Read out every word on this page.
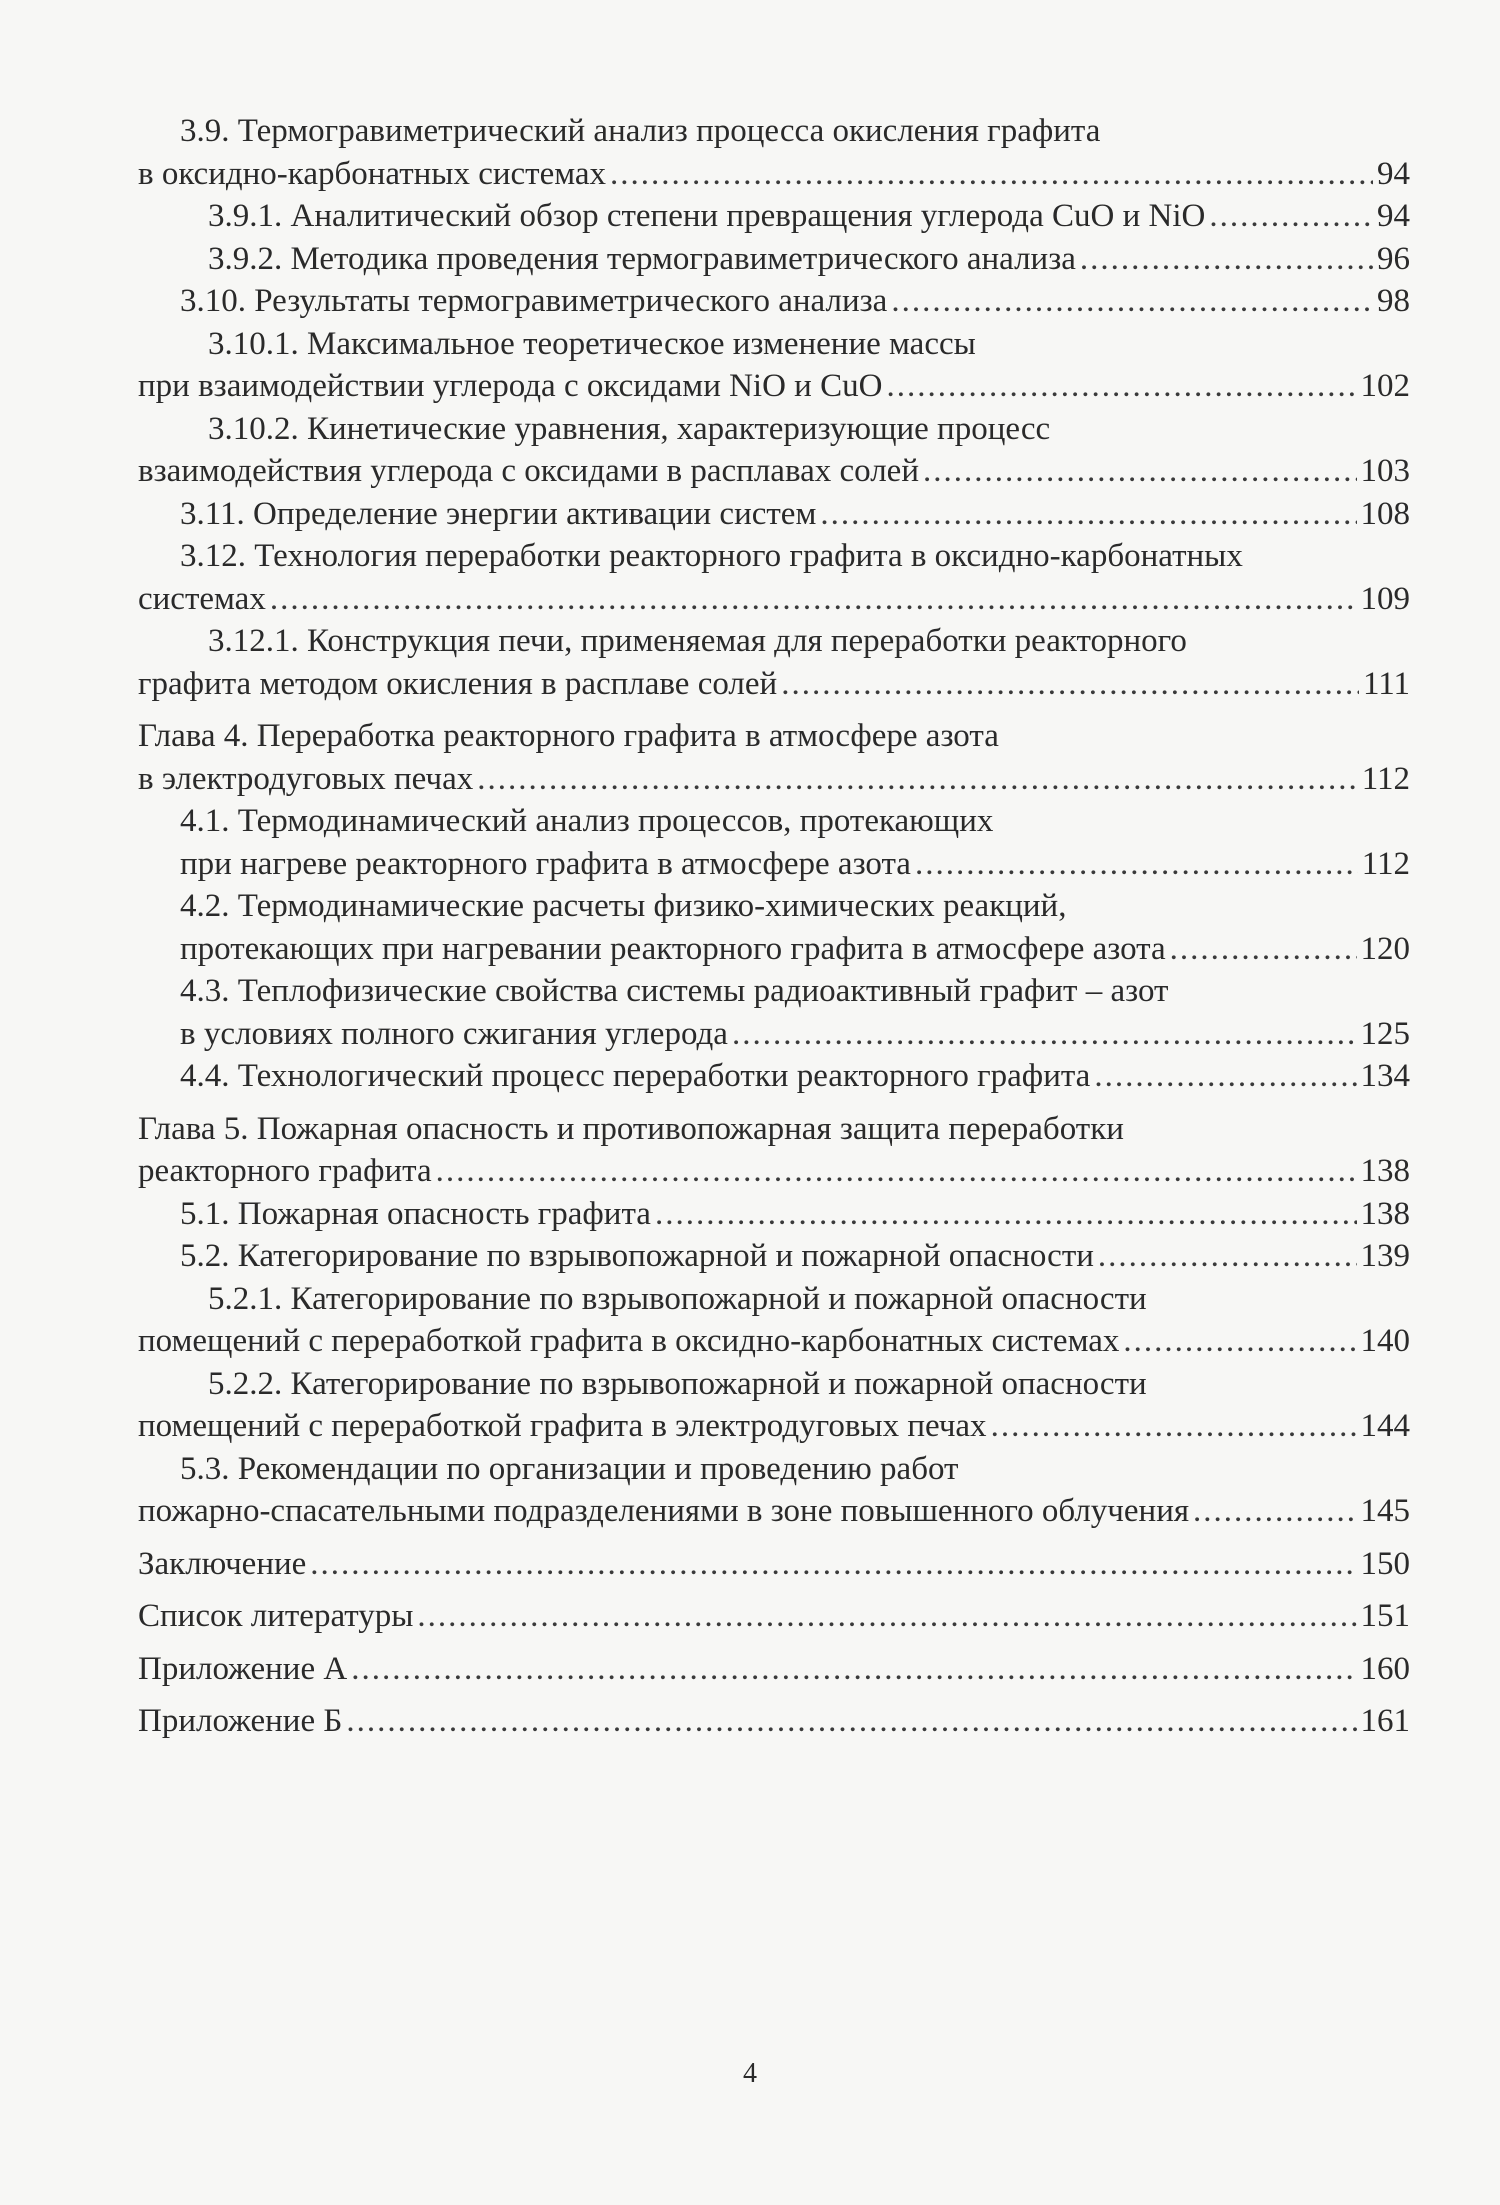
3.9. Термогравиметрический анализ процесса окисления графита
в оксидно-карбонатных системах .....	94
3.9.1. Аналитический обзор степени превращения углерода CuO и NiO .....	94
3.9.2. Методика проведения термогравиметрического анализа .....	96
3.10. Результаты термогравиметрического анализа .....	98
3.10.1. Максимальное теоретическое изменение массы
при взаимодействии углерода с оксидами NiO и CuO .....	102
3.10.2. Кинетические уравнения, характеризующие процесс
взаимодействия углерода с оксидами в расплавах солей .....	103
3.11. Определение энергии активации систем .....	108
3.12. Технология переработки реакторного графита в оксидно-карбонатных
системах .....	109
3.12.1. Конструкция печи, применяемая для переработки реакторного
графита методом окисления в расплаве солей .....	111
Глава 4. Переработка реакторного графита в атмосфере азота
в электродуговых печах .....	112
4.1. Термодинамический анализ процессов, протекающих
при нагреве реакторного графита в атмосфере азота .....	112
4.2. Термодинамические расчеты физико-химических реакций,
протекающих при нагревании реакторного графита в атмосфере азота .....	120
4.3. Теплофизические свойства системы радиоактивный графит – азот
в условиях полного сжигания углерода .....	125
4.4. Технологический процесс переработки реакторного графита .....	134
Глава 5. Пожарная опасность и противопожарная защита переработки
реакторного графита .....	138
5.1. Пожарная опасность графита .....	138
5.2. Категорирование по взрывопожарной и пожарной опасности .....	139
5.2.1. Категорирование по взрывопожарной и пожарной опасности
помещений с переработкой графита в оксидно-карбонатных системах .....	140
5.2.2. Категорирование по взрывопожарной и пожарной опасности
помещений с переработкой графита в электродуговых печах .....	144
5.3. Рекомендации по организации и проведению работ
пожарно-спасательными подразделениями в зоне повышенного облучения .....	145
Заключение .....	150
Список литературы .....	151
Приложение А .....	160
Приложение Б .....	161
4
